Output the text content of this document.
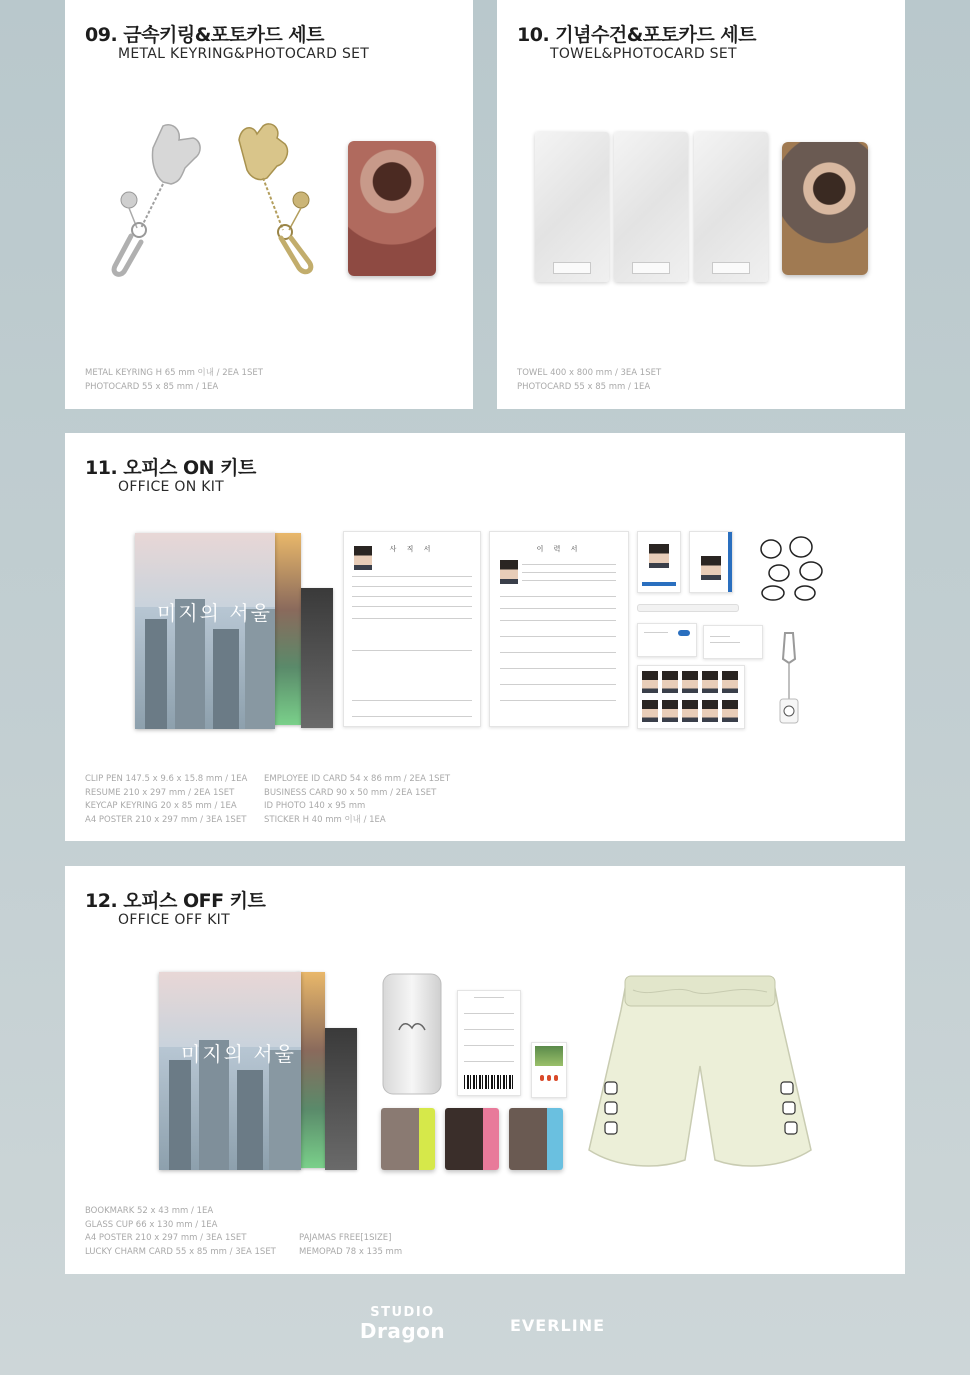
09. 금속키링&포토카드 세트
METAL KEYRING&PHOTOCARD SET
METAL KEYRING H 65 mm 이내 / 2EA 1SET
PHOTOCARD 55 x 85 mm / 1EA
10. 기념수건&포토카드 세트
TOWEL&PHOTOCARD SET
TOWEL 400 x 800 mm / 3EA 1SET
PHOTOCARD 55 x 85 mm / 1EA
11. 오피스 ON 키트
OFFICE ON KIT
미지의 서울
사 직 서	이 력 서
CLIP PEN 147.5 x 9.6 x 15.8 mm / 1EA
RESUME 210 x 297 mm / 2EA 1SET
KEYCAP KEYRING 20 x 85 mm / 1EA
A4 POSTER 210 x 297 mm / 3EA 1SET
EMPLOYEE ID CARD 54 x 86 mm / 2EA 1SET
BUSINESS CARD 90 x 50 mm / 2EA 1SET
ID PHOTO 140 x 95 mm
STICKER H 40 mm 이내 / 1EA
12. 오피스 OFF 키트
OFFICE OFF KIT
미지의 서울
BOOKMARK 52 x 43 mm / 1EA
GLASS CUP 66 x 130 mm / 1EA
A4 POSTER 210 x 297 mm / 3EA 1SET
LUCKY CHARM CARD 55 x 85 mm / 3EA 1SET
PAJAMAS FREE[1SIZE]
MEMOPAD 78 x 135 mm
STUDIO
Dragon	EVERLINE
